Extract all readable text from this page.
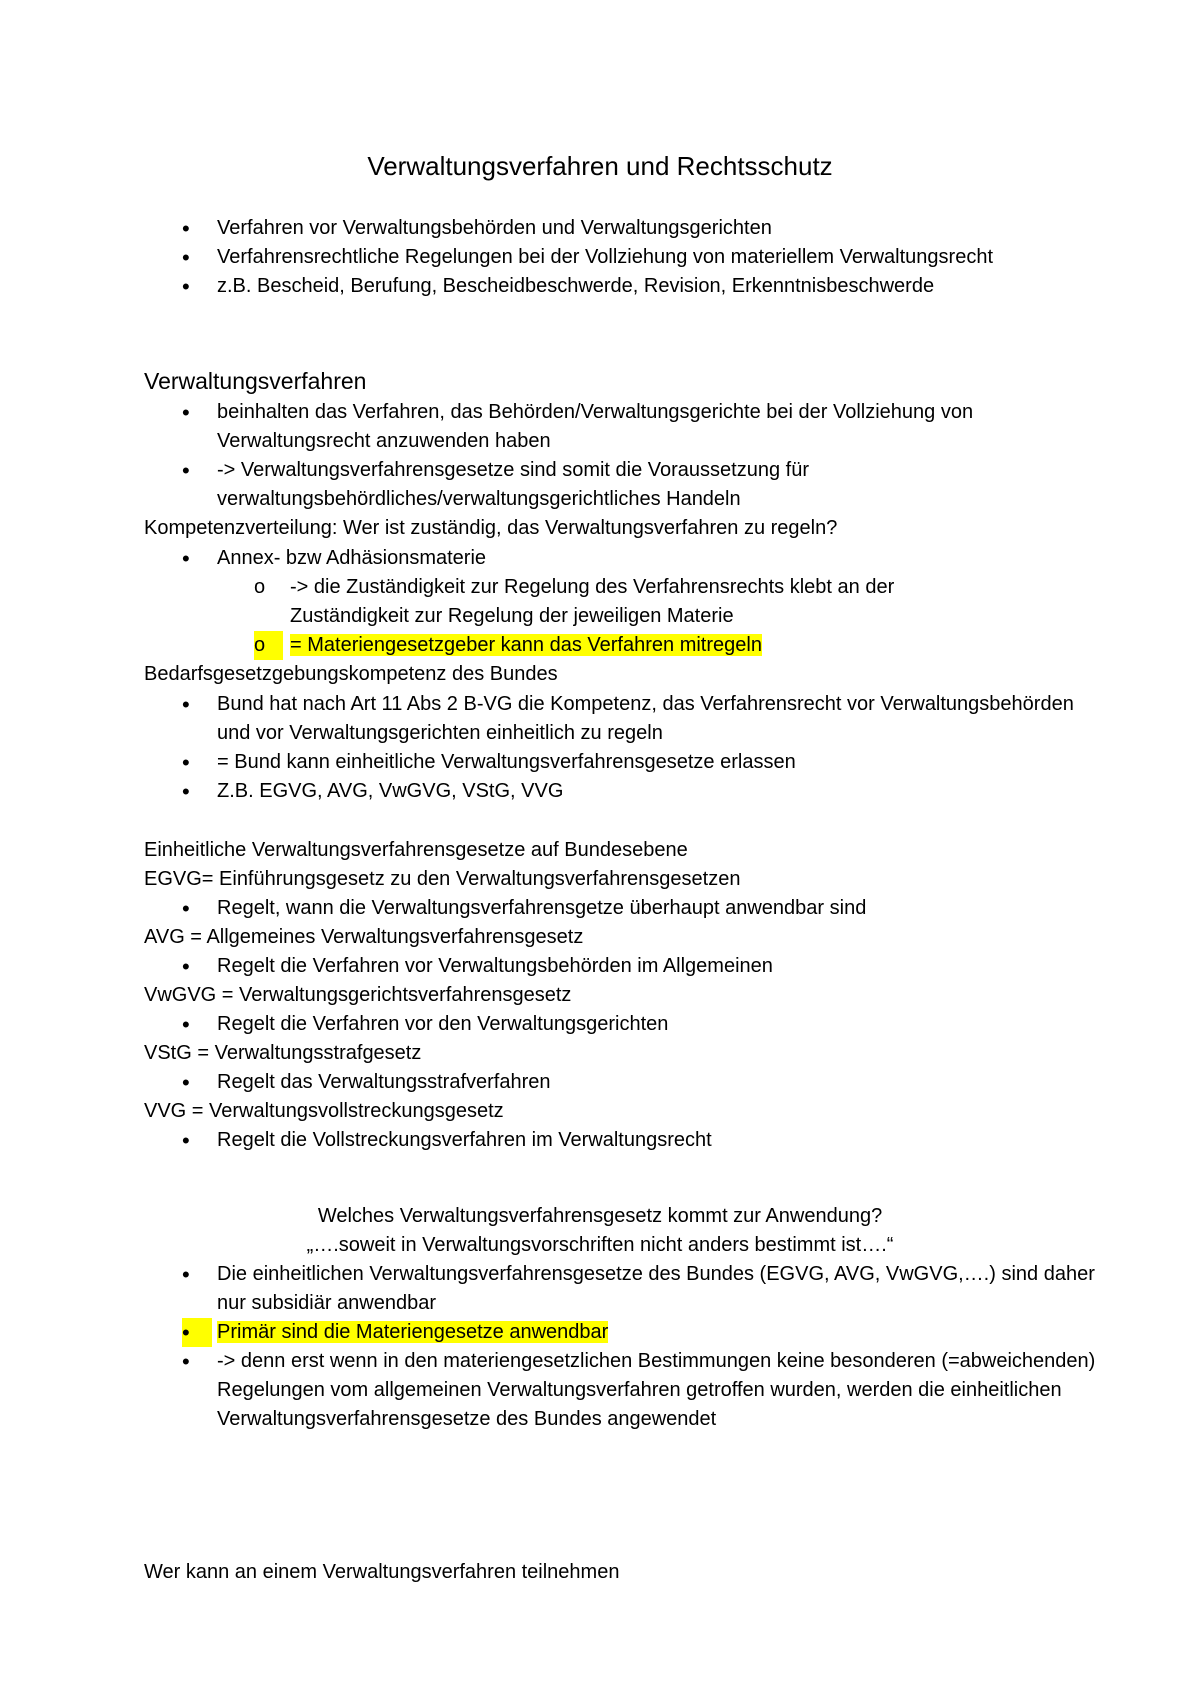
Verwaltungsverfahren und Rechtsschutz
• Verfahren vor Verwaltungsbehörden und Verwaltungsgerichten
• Verfahrensrechtliche Regelungen bei der Vollziehung von materiellem Verwaltungsrecht
• z.B. Bescheid, Berufung, Bescheidbeschwerde, Revision, Erkenntnisbeschwerde
Verwaltungsverfahren
• beinhalten das Verfahren, das Behörden/Verwaltungsgerichte bei der Vollziehung von Verwaltungsrecht anzuwenden haben
• -> Verwaltungsverfahrensgesetze sind somit die Voraussetzung für verwaltungsbehördliches/verwaltungsgerichtliches Handeln
Kompetenzverteilung: Wer ist zuständig, das Verwaltungsverfahren zu regeln?
• Annex- bzw Adhäsionsmaterie
o -> die Zuständigkeit zur Regelung des Verfahrensrechts klebt an der Zuständigkeit zur Regelung der jeweiligen Materie
o = Materiengesetzgeber kann das Verfahren mitregeln
Bedarfsgesetzgebungskompetenz des Bundes
• Bund hat nach Art 11 Abs 2 B-VG die Kompetenz, das Verfahrensrecht vor Verwaltungsbehörden und vor Verwaltungsgerichten einheitlich zu regeln
• = Bund kann einheitliche Verwaltungsverfahrensgesetze erlassen
• Z.B. EGVG, AVG, VwGVG, VStG, VVG
Einheitliche Verwaltungsverfahrensgesetze auf Bundesebene
EGVG= Einführungsgesetz zu den Verwaltungsverfahrensgesetzen
• Regelt, wann die Verwaltungsverfahrensgetze überhaupt anwendbar sind
AVG = Allgemeines Verwaltungsverfahrensgesetz
• Regelt die Verfahren vor Verwaltungsbehörden im Allgemeinen
VwGVG = Verwaltungsgerichtsverfahrensgesetz
• Regelt die Verfahren vor den Verwaltungsgerichten
VStG = Verwaltungsstrafgesetz
• Regelt das Verwaltungsstrafverfahren
VVG = Verwaltungsvollstreckungsgesetz
• Regelt die Vollstreckungsverfahren im Verwaltungsrecht
Welches Verwaltungsverfahrensgesetz kommt zur Anwendung?
„….soweit in Verwaltungsvorschriften nicht anders bestimmt ist….“
• Die einheitlichen Verwaltungsverfahrensgesetze des Bundes (EGVG, AVG, VwGVG,….) sind daher nur subsidiär anwendbar
• Primär sind die Materiengesetze anwendbar
• -> denn erst wenn in den materiengesetzlichen Bestimmungen keine besonderen (=abweichenden) Regelungen vom allgemeinen Verwaltungsverfahren getroffen wurden, werden die einheitlichen Verwaltungsverfahrensgesetze des Bundes angewendet
Wer kann an einem Verwaltungsverfahren teilnehmen
